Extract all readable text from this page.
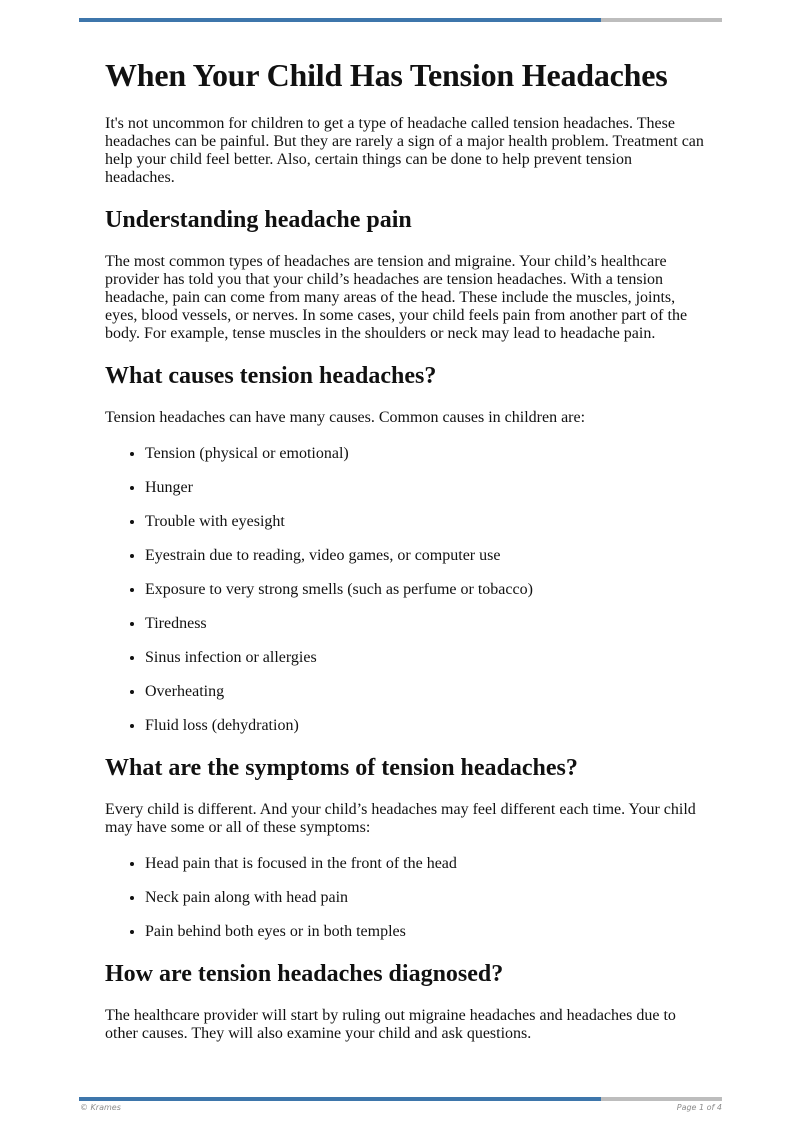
When Your Child Has Tension Headaches

It's not uncommon for children to get a type of headache called tension headaches. These headaches can be painful. But they are rarely a sign of a major health problem. Treatment can help your child feel better. Also, certain things can be done to help prevent tension headaches.

Understanding headache pain

The most common types of headaches are tension and migraine. Your child’s healthcare provider has told you that your child’s headaches are tension headaches. With a tension headache, pain can come from many areas of the head. These include the muscles, joints, eyes, blood vessels, or nerves. In some cases, your child feels pain from another part of the body. For example, tense muscles in the shoulders or neck may lead to headache pain.

What causes tension headaches?

Tension headaches can have many causes. Common causes in children are:

• Tension (physical or emotional)
• Hunger
• Trouble with eyesight
• Eyestrain due to reading, video games, or computer use
• Exposure to very strong smells (such as perfume or tobacco)
• Tiredness
• Sinus infection or allergies
• Overheating
• Fluid loss (dehydration)
What are the symptoms of tension headaches?

Every child is different. And your child’s headaches may feel different each time. Your child may have some or all of these symptoms:

• Head pain that is focused in the front of the head
• Neck pain along with head pain
• Pain behind both eyes or in both temples
How are tension headaches diagnosed?

The healthcare provider will start by ruling out migraine headaches and headaches due to other causes. They will also examine your child and ask questions.

© Krames	Page 1 of 4
